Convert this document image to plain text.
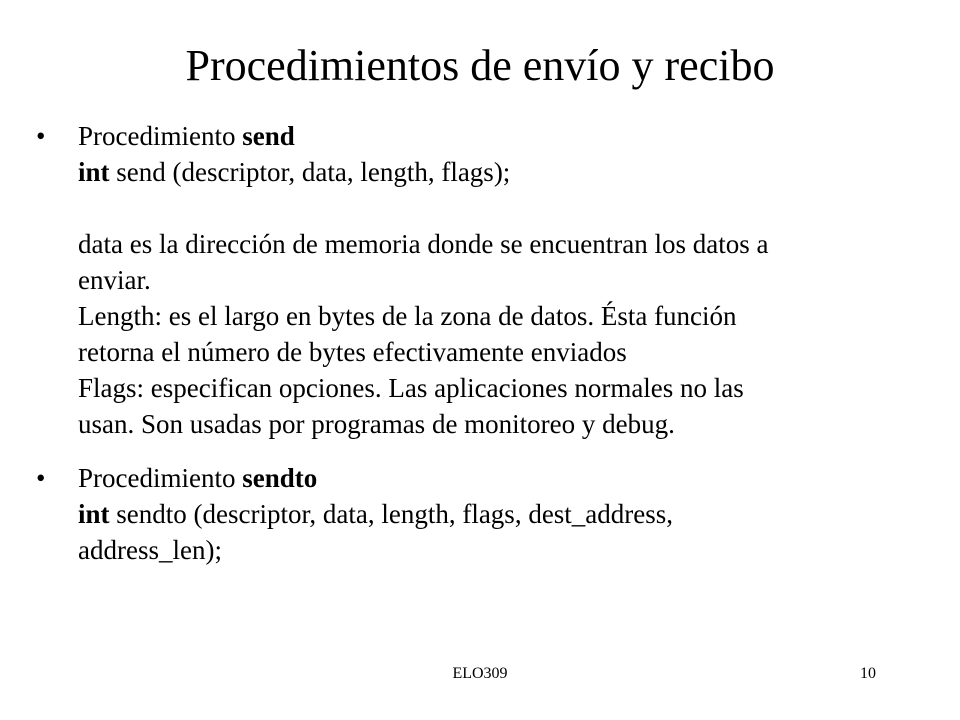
Procedimientos de envío y recibo
•	Procedimiento send
int send (descriptor, data, length, flags);
data es la dirección de memoria donde se encuentran los datos a
enviar.
Length: es el largo en bytes de la zona de datos. Ésta función
retorna el número de bytes efectivamente enviados
Flags: especifican opciones. Las aplicaciones normales no las
usan. Son usadas por programas de monitoreo y debug.
•	Procedimiento sendto
int sendto (descriptor, data, length, flags, dest_address,
address_len);
ELO309	10
